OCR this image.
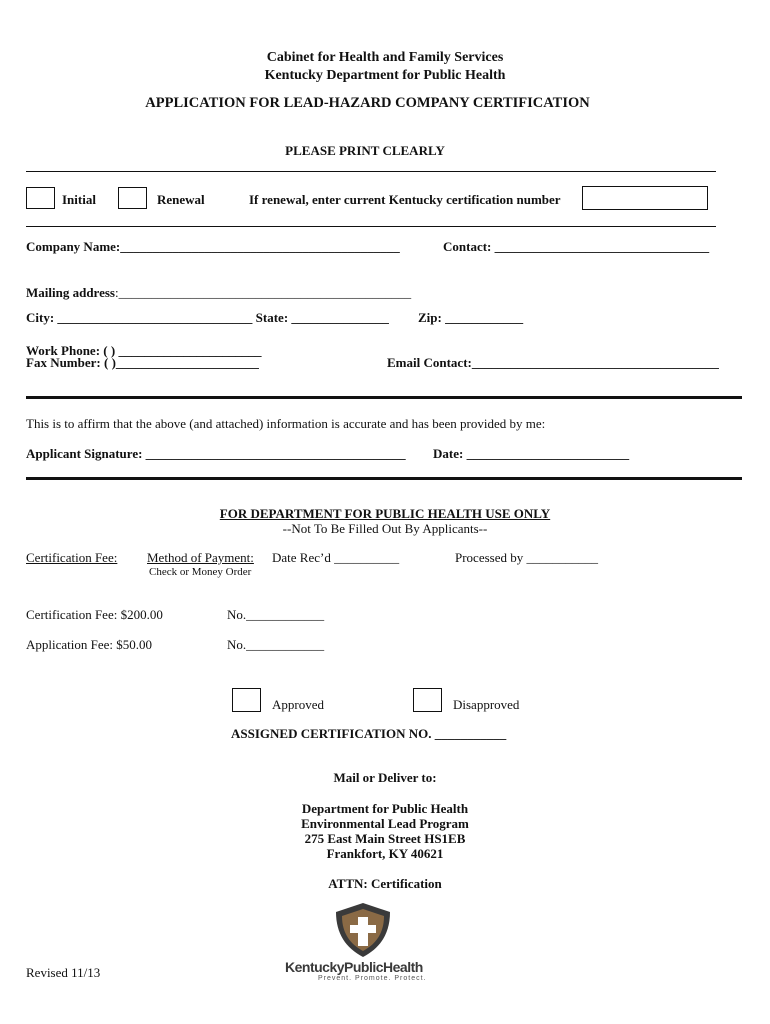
Cabinet for Health and Family Services
Kentucky Department for Public Health
APPLICATION FOR LEAD-HAZARD COMPANY CERTIFICATION
PLEASE PRINT CLEARLY
Initial	Renewal	If renewal, enter current Kentucky certification number
Company Name:___________________________________________	Contact: _________________________________
Mailing address:_____________________________________________
City: ______________________________ State: _______________ Zip: ____________
Work Phone: ( ) ______________________
Fax Number: ( )______________________	Email Contact:______________________________________
This is to affirm that the above (and attached) information is accurate and has been provided by me:
Applicant Signature: ________________________________________ Date: _________________________
FOR DEPARTMENT FOR PUBLIC HEALTH USE ONLY
--Not To Be Filled Out By Applicants--
Certification Fee: Method of Payment: Date Rec’d __________	Processed by ___________
Check or Money Order
Certification Fee: $200.00	No.____________
Application Fee: $50.00	No.____________
Approved	Disapproved
ASSIGNED CERTIFICATION NO. ___________
Mail or Deliver to:
Department for Public Health
Environmental Lead Program
275 East Main Street HS1EB
Frankfort, KY 40621
ATTN: Certification
Revised 11/13	KentuckyPublicHealth
Prevent. Promote. Protect.
